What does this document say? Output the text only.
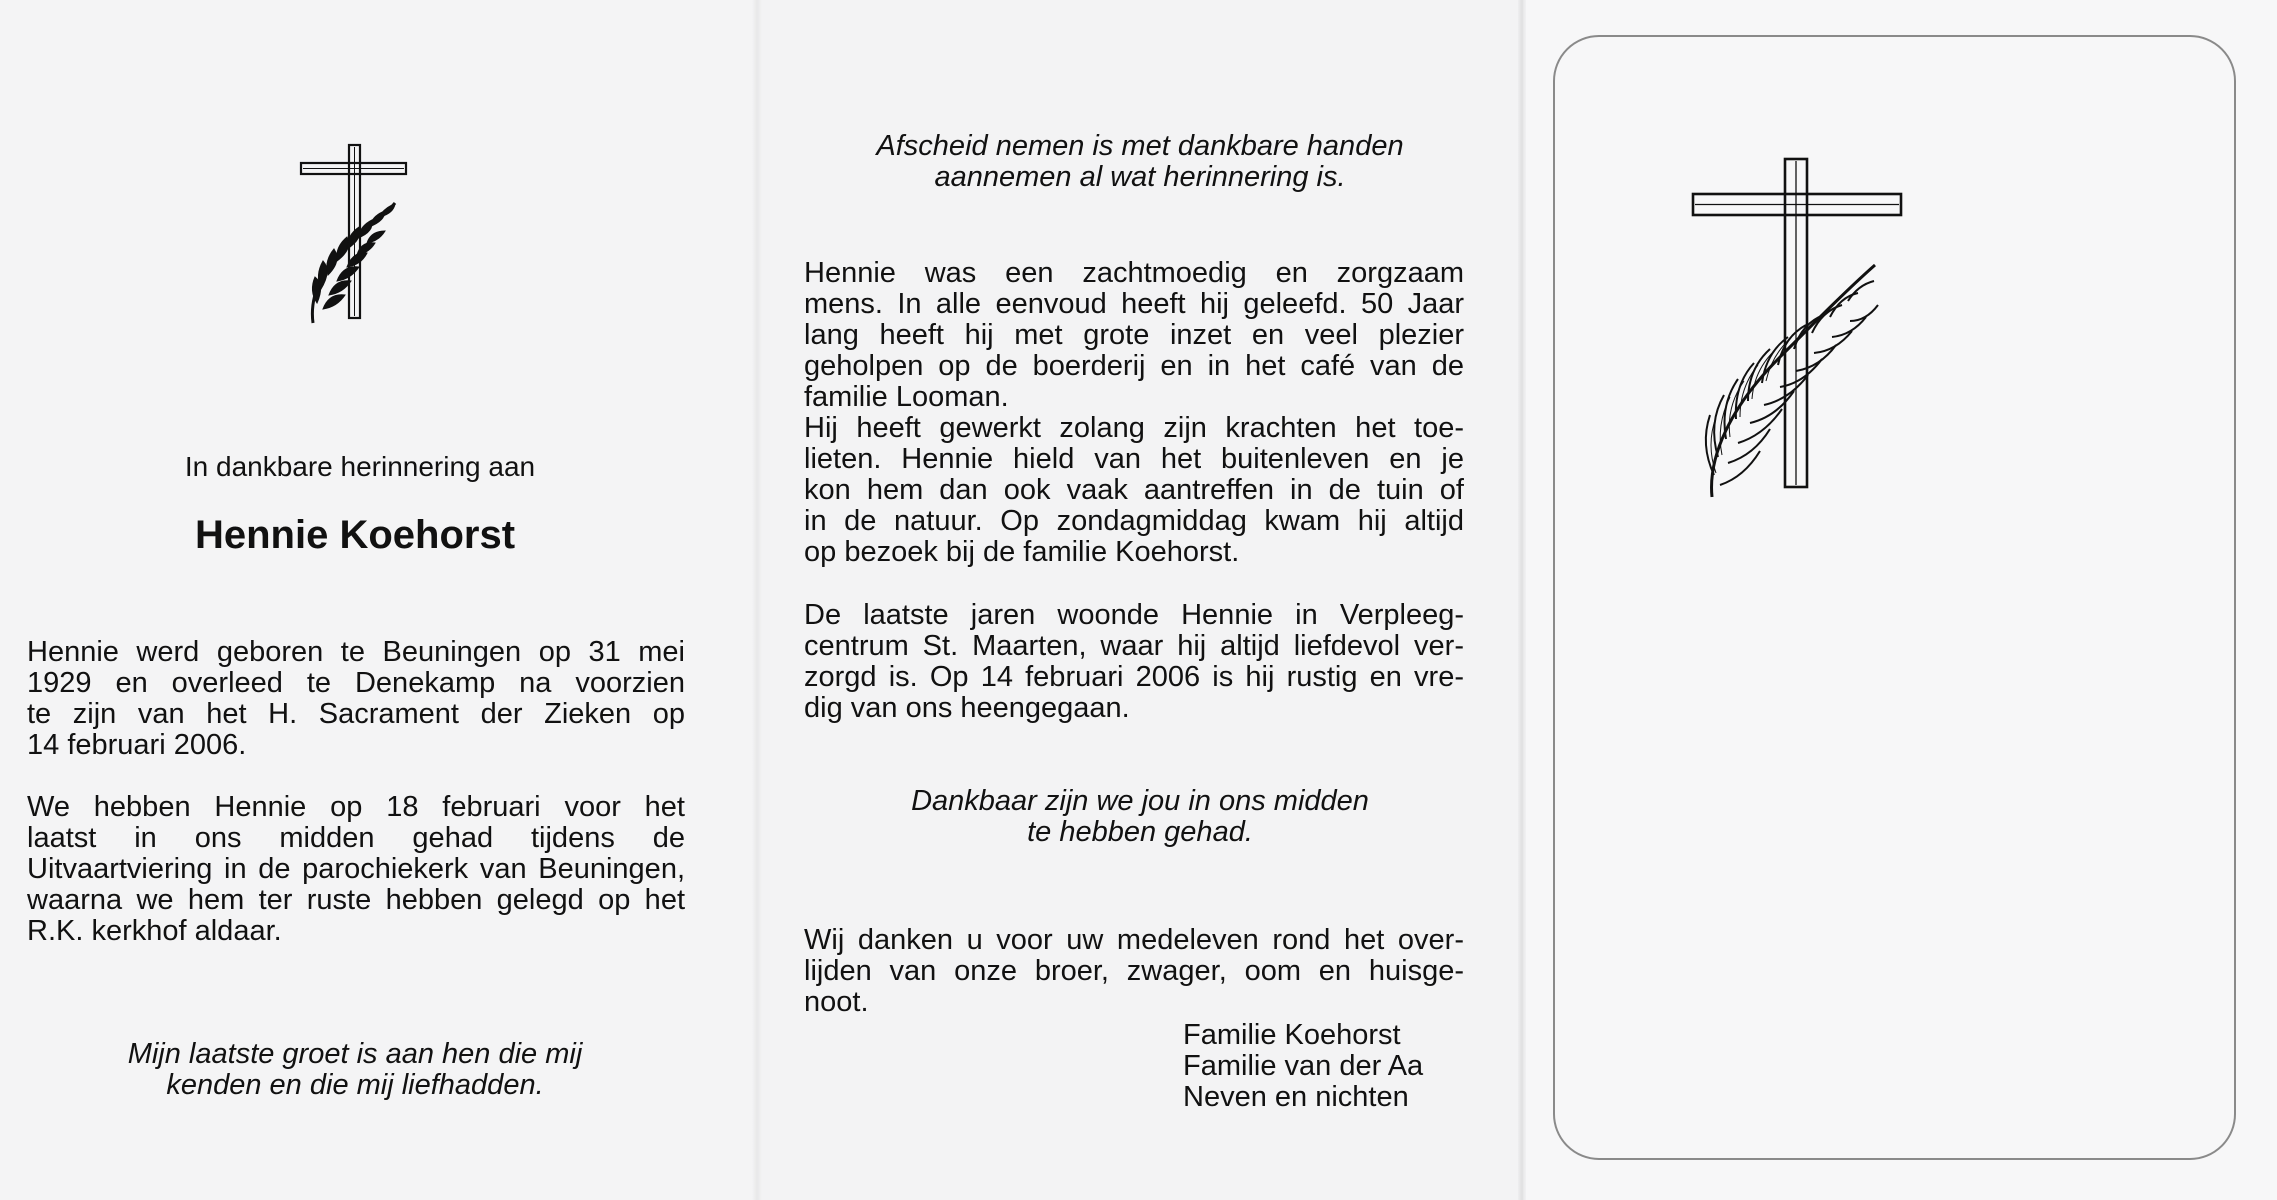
In dankbare herinnering aan
Hennie Koehorst
Hennie werd geboren te Beuningen op 31 mei
1929 en overleed te Denekamp na voorzien
te zijn van het H. Sacrament der Zieken op
14 februari 2006.
We hebben Hennie op 18 februari voor het
laatst in ons midden gehad tijdens de
Uitvaartviering in de parochiekerk van Beuningen,
waarna we hem ter ruste hebben gelegd op het
R.K. kerkhof aldaar.
Mijn laatste groet is aan hen die mij
kenden en die mij liefhadden.
Afscheid nemen is met dankbare handen
aannemen al wat herinnering is.
Hennie was een zachtmoedig en zorgzaam
mens. In alle eenvoud heeft hij geleefd. 50 Jaar
lang heeft hij met grote inzet en veel plezier
geholpen op de boerderij en in het café van de
familie Looman.
Hij heeft gewerkt zolang zijn krachten het toe-
lieten. Hennie hield van het buitenleven en je
kon hem dan ook vaak aantreffen in de tuin of
in de natuur. Op zondagmiddag kwam hij altijd
op bezoek bij de familie Koehorst.
De laatste jaren woonde Hennie in Verpleeg-
centrum St. Maarten, waar hij altijd liefdevol ver-
zorgd is. Op 14 februari 2006 is hij rustig en vre-
dig van ons heengegaan.
Dankbaar zijn we jou in ons midden
te hebben gehad.
Wij danken u voor uw medeleven rond het over-
lijden van onze broer, zwager, oom en huisge-
noot.
Familie Koehorst
Familie van der Aa
Neven en nichten
